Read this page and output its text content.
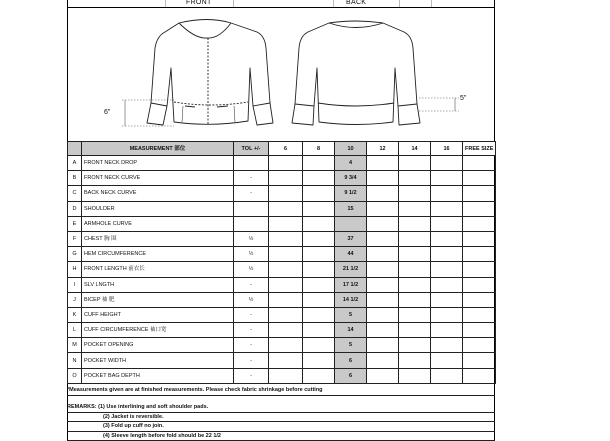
FRONT	BACK
6"
5"
	MEASUREMENT 部位	TOL +/-	6	8	10	12	14	16	FREE SIZE
A	FRONT NECK DROP				4				
B	FRONT NECK CURVE	-			9 3/4				
C	BACK NECK CURVE	-			9 1/2				
D	SHOULDER				15				
E	ARMHOLE CURVE								
F	CHEST 胸 围	½			37				
G	HEM CIRCUMFERENCE	½			44				
H	FRONT LENGTH 前衣长	½			21 1/2				
I	SLV LNGTH	-			17 1/2				
J	BICEP 袖 肥	½			14 1/2				
K	CUFF HEIGHT	-			5				
L	CUFF CIRCUMFERENCE 袖口宽	-			14				
M	POCKET OPENING	-			5				
N	POCKET WIDTH	-			6				
O	POCKET BAG DEPTH	-			6				
*Measurements given are at finished measurements. Please check fabric shrinkage before cutting
REMARKS: (1) Use interlining and soft shoulder pads.
(2) Jacket is reversible.
(3) Fold up cuff no join.
(4) Sleeve length before fold should be 22 1/2
